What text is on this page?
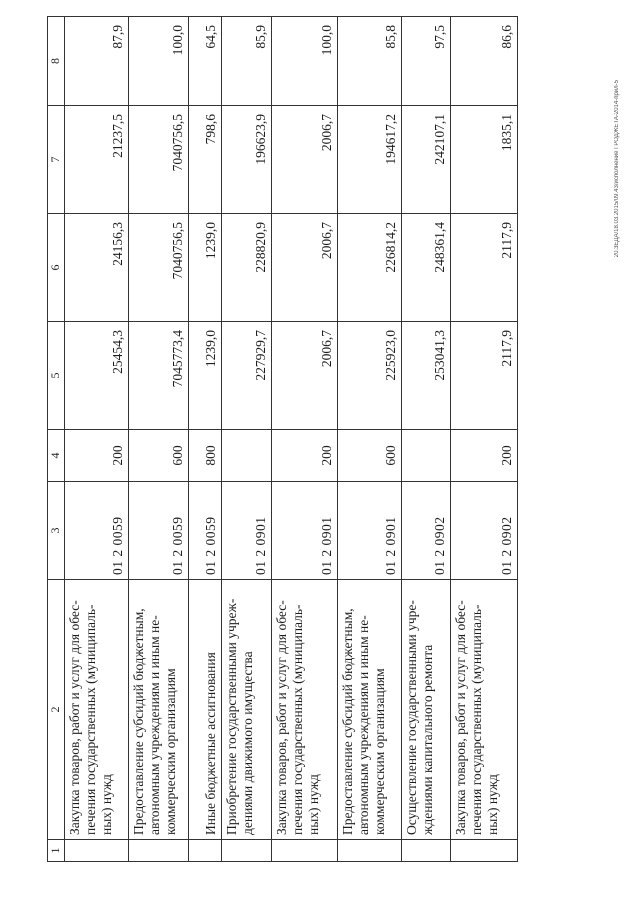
1	2	3	4	5	6	7	8
	Закупка товаров, работ и услуг для обеспечения государственных (муниципальных) нужд	01 2 0059	200	25454,3	24156,3	21237,5	87,9
	Предоставление субсидий бюджетным, автономным учреждениям и иным некоммерческим организациям	01 2 0059	600	7045773,4	7040756,5	7040756,5	100,0
	Иные бюджетные ассигнования	01 2 0059	800	1239,0	1239,0	798,6	64,5
	Приобретение государственными учреждениями движимого имущества	01 2 0901		227929,7	228820,9	196623,9	85,9
	Закупка товаров, работ и услуг для обеспечения государственных (муниципальных) нужд	01 2 0901	200	2006,7	2006,7	2006,7	100,0
	Предоставление субсидий бюджетным, автономным учреждениям и иным некоммерческим организациям	01 2 0901	600	225923,0	226814,2	194617,2	85,8
	Осуществление государственными учреждениями капитального ремонта	01 2 0902		253041,3	248361,4	242107,1	97,5
	Закупка товаров, работ и услуг для обеспечения государственных (муниципальных) нужд	01 2 0902	200	2117,9	2117,9	1835,1	86,6
20.3ЕДА/18.03.2015/09.43/исполнение ГРОДЖЕТА-2014-прил-5
